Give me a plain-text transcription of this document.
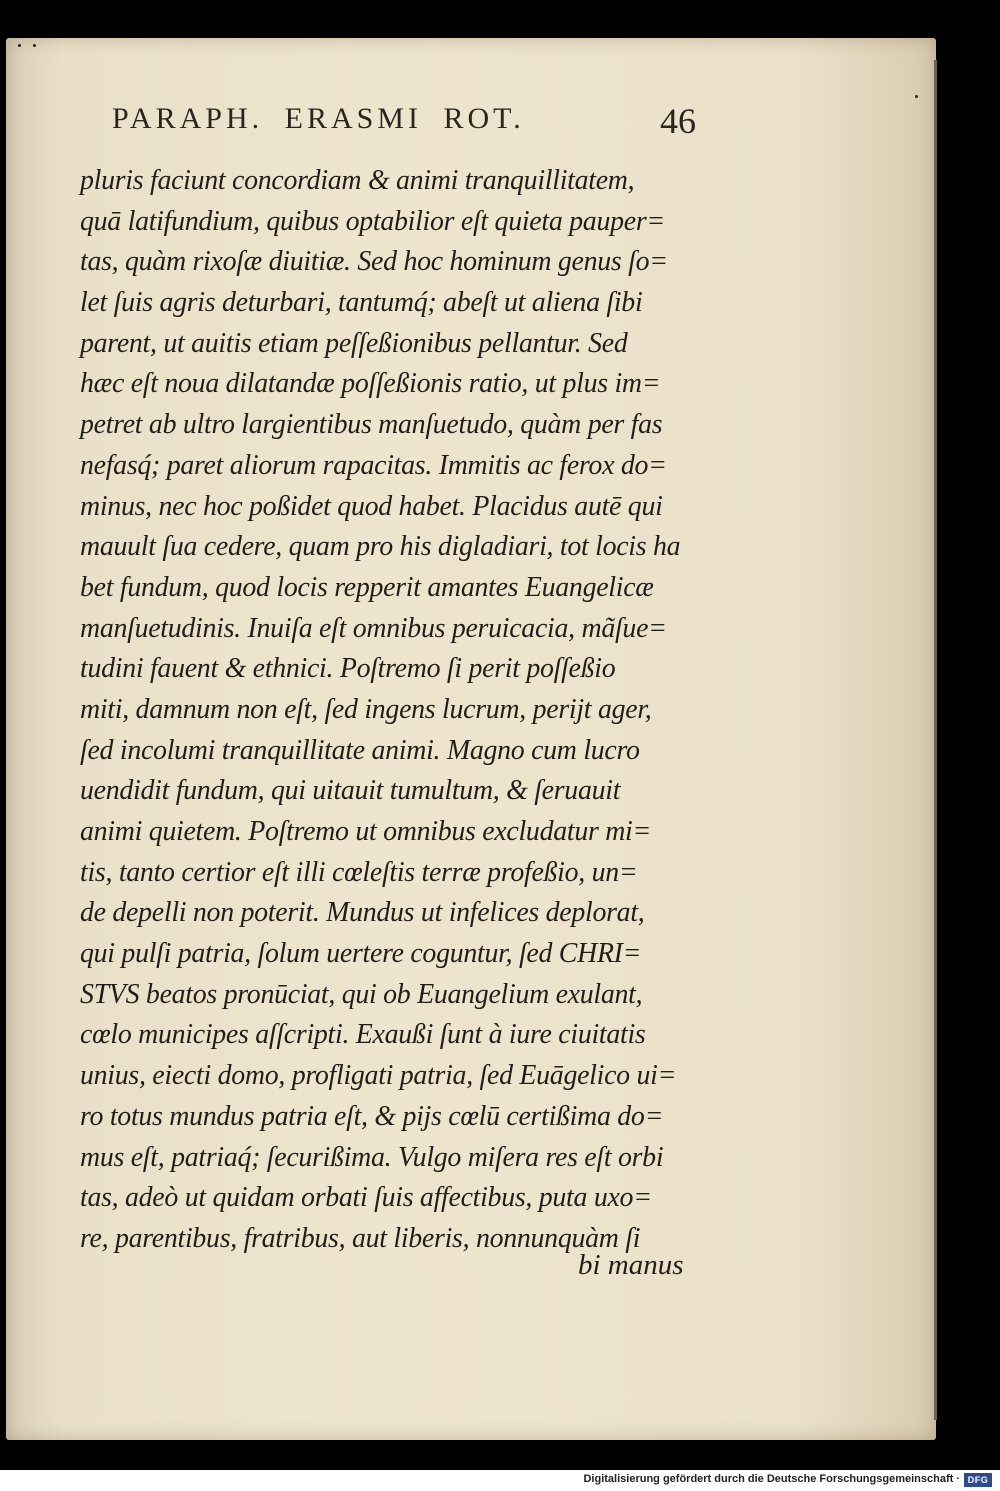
PARAPH. ERASMI ROT.	46
pluris faciunt concordiam & animi tranquillitatem,
quā latifundium, quibus optabilior eſt quieta pauper=
tas, quàm rixoſæ diuitiæ. Sed hoc hominum genus ſo=
let ſuis agris deturbari, tantumq́; abeſt ut aliena ſibi
parent, ut auitis etiam peſſeßionibus pellantur. Sed
hæc eſt noua dilatandæ poſſeßionis ratio, ut plus im=
petret ab ultro largientibus manſuetudo, quàm per fas
nefasq́; paret aliorum rapacitas. Immitis ac ferox do=
minus, nec hoc poßidet quod habet. Placidus autē qui
mauult ſua cedere, quam pro his digladiari, tot locis ha
bet fundum, quod locis repperit amantes Euangelicæ
manſuetudinis. Inuiſa eſt omnibus peruicacia, mãſue=
tudini fauent & ethnici. Poſtremo ſi perit poſſeßio
miti, damnum non eſt, ſed ingens lucrum, perijt ager,
ſed incolumi tranquillitate animi. Magno cum lucro
uendidit fundum, qui uitauit tumultum, & ſeruauit
animi quietem. Poſtremo ut omnibus excludatur mi=
tis, tanto certior eſt illi cœleſtis terræ profeßio, un=
de depelli non poterit. Mundus ut infelices deplorat,
qui pulſi patria, ſolum uertere coguntur, ſed CHRI=
STVS beatos pronūciat, qui ob Euangelium exulant,
cœlo municipes aſſcripti. Exaußi ſunt à iure ciuitatis
unius, eiecti domo, profligati patria, ſed Euāgelico ui=
ro totus mundus patria eſt, & pijs cœlū certißima do=
mus eſt, patriaq́; ſecurißima. Vulgo miſera res eſt orbi
tas, adeò ut quidam orbati ſuis affectibus, puta uxo=
re, parentibus, fratribus, aut liberis, nonnunquàm ſi
bi manus
Digitalisierung gefördert durch die Deutsche Forschungsgemeinschaft · DFG
